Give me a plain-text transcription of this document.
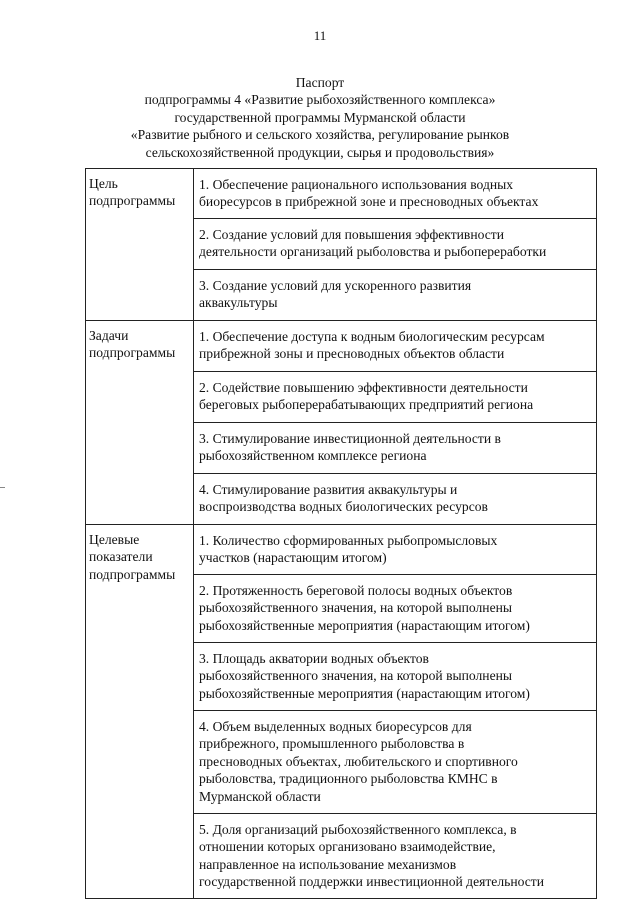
11
Паспорт
подпрограммы 4 «Развитие рыбохозяйственного комплекса»
государственной программы Мурманской области
«Развитие рыбного и сельского хозяйства, регулирование рынков
сельскохозяйственной продукции, сырья и продовольствия»
Цель
подпрограммы	1. Обеспечение рационального использования водных
биоресурсов в прибрежной зоне и пресноводных объектах

	2. Создание условий для повышения эффективности
деятельности организаций рыболовства и рыбопереработки

	3. Создание условий для ускоренного развития
аквакультуры

Задачи
подпрограммы	1. Обеспечение доступа к водным биологическим ресурсам
прибрежной зоны и пресноводных объектов области

	2. Содействие повышению эффективности деятельности
береговых рыбоперерабатывающих предприятий региона

	3. Стимулирование инвестиционной деятельности в
рыбохозяйственном комплексе региона

	4. Стимулирование развития аквакультуры и
воспроизводства водных биологических ресурсов

Целевые
показатели
подпрограммы	1. Количество сформированных рыбопромысловых
участков (нарастающим итогом)

	2. Протяженность береговой полосы водных объектов
рыбохозяйственного значения, на которой выполнены
рыбохозяйственные мероприятия (нарастающим итогом)

	3. Площадь акватории водных объектов
рыбохозяйственного значения, на которой выполнены
рыбохозяйственные мероприятия (нарастающим итогом)

	4. Объем выделенных водных биоресурсов для
прибрежного, промышленного рыболовства в
пресноводных объектах, любительского и спортивного
рыболовства, традиционного рыболовства КМНС в
Мурманской области

	5. Доля организаций рыбохозяйственного комплекса, в
отношении которых организовано взаимодействие,
направленное на использование механизмов
государственной поддержки инвестиционной деятельности
